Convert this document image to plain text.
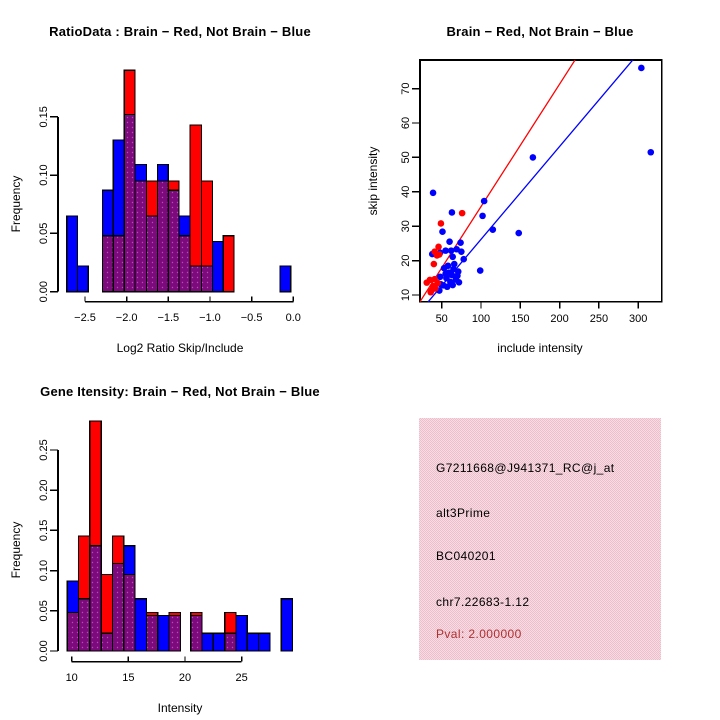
0.00
0.05
0.10
0.15
−2.5 −2.0 −1.5 −1.0 −0.5 0.0
RatioData : Brain − Red, Not Brain − Blue
Log2 Ratio Skip/Include
Frequency
10
20
30
40
50
60
70
50 100 150 200 250 300
Brain − Red, Not Brain − Blue
include intensity
skip intensity
0.00
0.05
0.10
0.15
0.20
0.25
10	15	20	25
Gene Itensity: Brain − Red, Not Brain − Blue
Intensity
Frequency
G7211668@J941371_RC@j_at
alt3Prime
BC040201
chr7.22683-1.12
Pval: 2.000000
